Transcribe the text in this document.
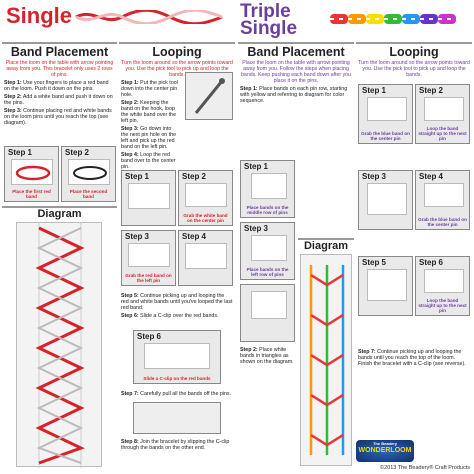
Single	Triple Single
Band Placement
Place the loom on the table with arrow pointing away from you. This bracelet only uses 2 rows of pins.
Step 1: Use your fingers to place a red band on the loom. Push it down on the pins.
Step 2: Add a white band and push it down on the pins.
Step 3: Continue placing red and white bands on the loom pins until you reach the top (see diagram).
Step 1
Place the first red band
Step 2
Place the second band
Diagram
Looping
Turn the loom around so the arrow points toward you. Use the pick tool to pick up and loop the bands.
Step 1: Put the pick tool down into the center pin hole.
Step 2: Keeping the band on the hook, loop the white band over the left pin.
Step 3: Go down into the next pin hole on the left and pick up the red band on the left pin.
Step 4: Loop the red band over to the center pin.
Step 1	Step 2
Grab the white band on the center pin
Step 3
Grab the red band on the left pin
Step 4
Step 5: Continue picking up and looping the red and white bands until you've looped the last red band.
Step 6: Slide a C-clip over the red bands.
Step 6
Slide a C-clip on the red bands
Step 7: Carefully pull all the bands off the pins.
Step 8: Join the bracelet by slipping the C-clip through the bands on the other end.
Band Placement
Place the loom on the table with arrow pointing away from you. Follow the steps when placing bands. Keep pushing each band down after you place it on the pins.
Step 1: Place bands on each pin row, starting with yellow and referring to diagram for color sequence.
Step 1
Place bands on the middle row of pins
Step 3
Place bands on the left row of pins
Step 2: Place white bands in triangles as shown on the diagram.
Diagram
Looping
Turn the loom around so the arrow points toward you. Use the pick tool to pick up and loop the bands.
Step 1
Grab the blue band on the center pin
Step 2
Loop the band straight up to the next pin
Step 3	Step 4
Grab the blue band on the center pin
Step 5	Step 6
Loop the band straight up to the next pin
Step 7: Continue picking up and looping the bands until you reach the top of the loom. Finish the bracelet with a C-clip (see reverse).
The Beadery
WONDERLOOM
©2013 The Beadery® Craft Products
